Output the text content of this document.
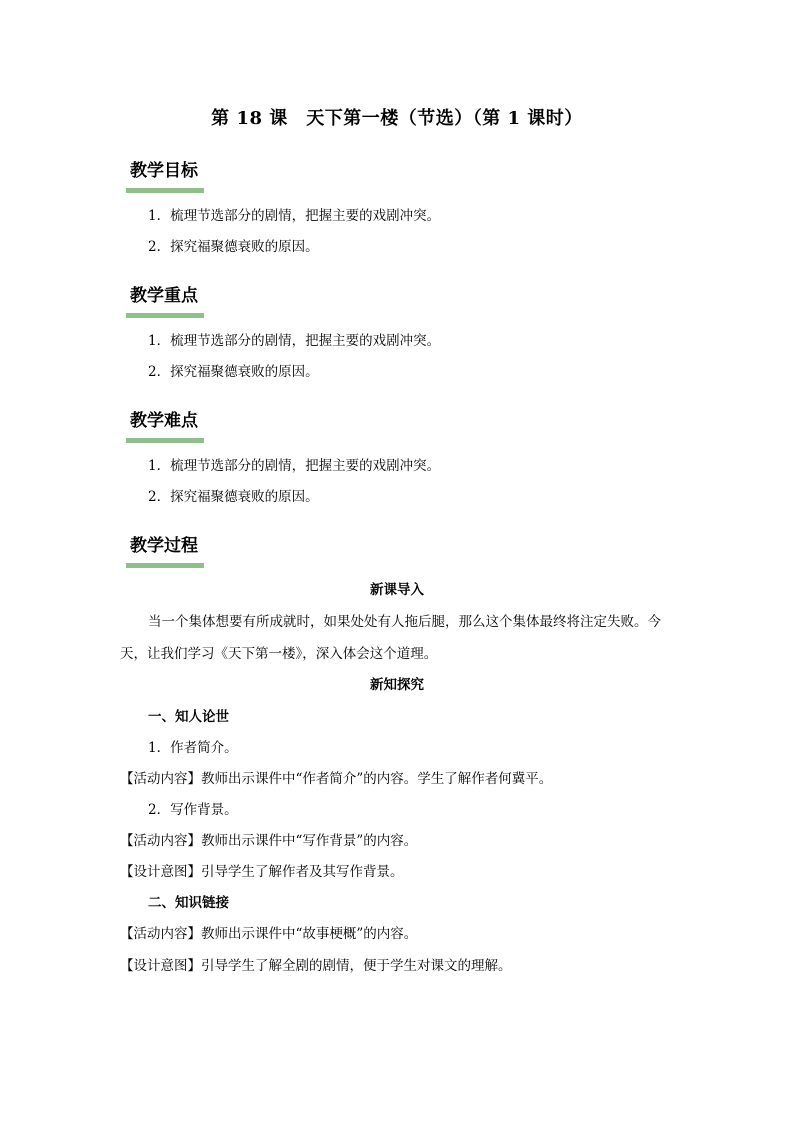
第 18 课　天下第一楼（节选）（第 1 课时）
教学目标
1．梳理节选部分的剧情，把握主要的戏剧冲突。
2．探究福聚德衰败的原因。
教学重点
1．梳理节选部分的剧情，把握主要的戏剧冲突。
2．探究福聚德衰败的原因。
教学难点
1．梳理节选部分的剧情，把握主要的戏剧冲突。
2．探究福聚德衰败的原因。
教学过程
新课导入
当一个集体想要有所成就时，如果处处有人拖后腿，那么这个集体最终将注定失败。今
天，让我们学习《天下第一楼》，深入体会这个道理。
新知探究
一、知人论世
1．作者简介。
【活动内容】教师出示课件中“作者简介”的内容。学生了解作者何冀平。
2．写作背景。
【活动内容】教师出示课件中“写作背景”的内容。
【设计意图】引导学生了解作者及其写作背景。
二、知识链接
【活动内容】教师出示课件中“故事梗概”的内容。
【设计意图】引导学生了解全剧的剧情，便于学生对课文的理解。
